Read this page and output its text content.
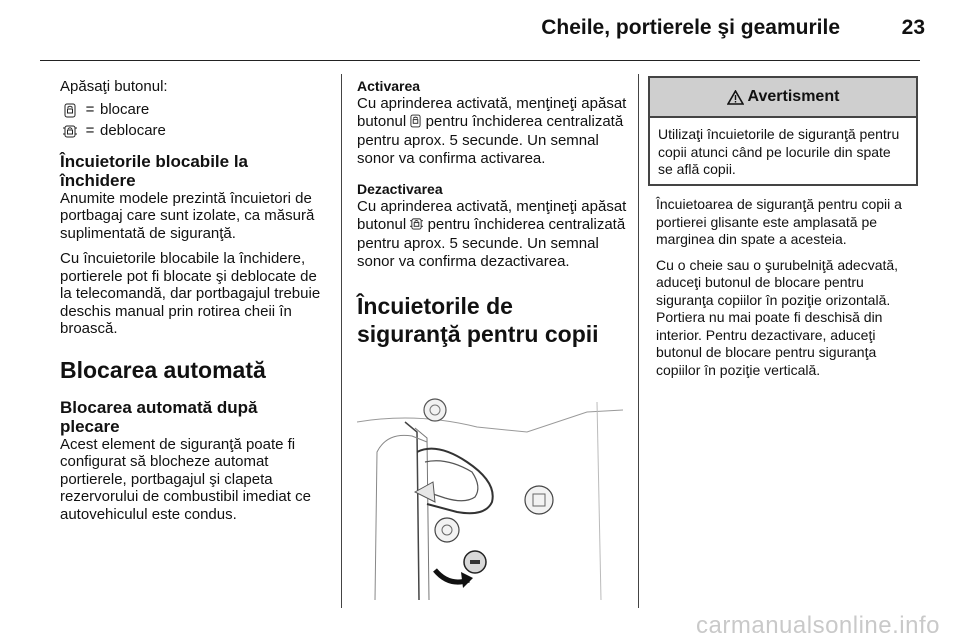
Cheile, portierele şi geamurile	23

Apăsaţi butonul:

= blocare
= deblocare
Încuietorile blocabile la închidere

Anumite modele prezintă încuietori de portbagaj care sunt izolate, ca măsură suplimentată de siguranţă.

Cu încuietorile blocabile la închidere, portierele pot fi blocate şi deblocate de la telecomandă, dar portbagajul trebuie deschis manual prin rotirea cheii în broască.

Blocarea automată
Blocarea automată după plecare

Acest element de siguranţă poate fi configurat să blocheze automat portierele, portbagajul şi clapeta rezervorului de combustibil imediat ce autovehiculul este condus.

Activarea

Cu aprinderea activată, menţineţi apăsat butonul pentru închiderea centralizată pentru aprox. 5 secunde. Un semnal sonor va confirma activarea.

Dezactivarea

Cu aprinderea activată, menţineţi apăsat butonul pentru închiderea centralizată pentru aprox. 5 secunde. Un semnal sonor va confirma dezactivarea.

Încuietorile de siguranţă pentru copii
Avertisment
Utilizaţi încuietorile de siguranţă pentru copii atunci când pe locurile din spate se află copii.

Încuietoarea de siguranţă pentru copii a portierei glisante este amplasată pe marginea din spate a acesteia.

Cu o cheie sau o şurubelniţă adecvată, aduceţi butonul de blocare pentru siguranţa copiilor în poziţie orizontală. Portiera nu mai poate fi deschisă din interior. Pentru dezactivare, aduceţi butonul de blocare pentru siguranţa copiilor în poziţie verticală.

carmanualsonline.info
